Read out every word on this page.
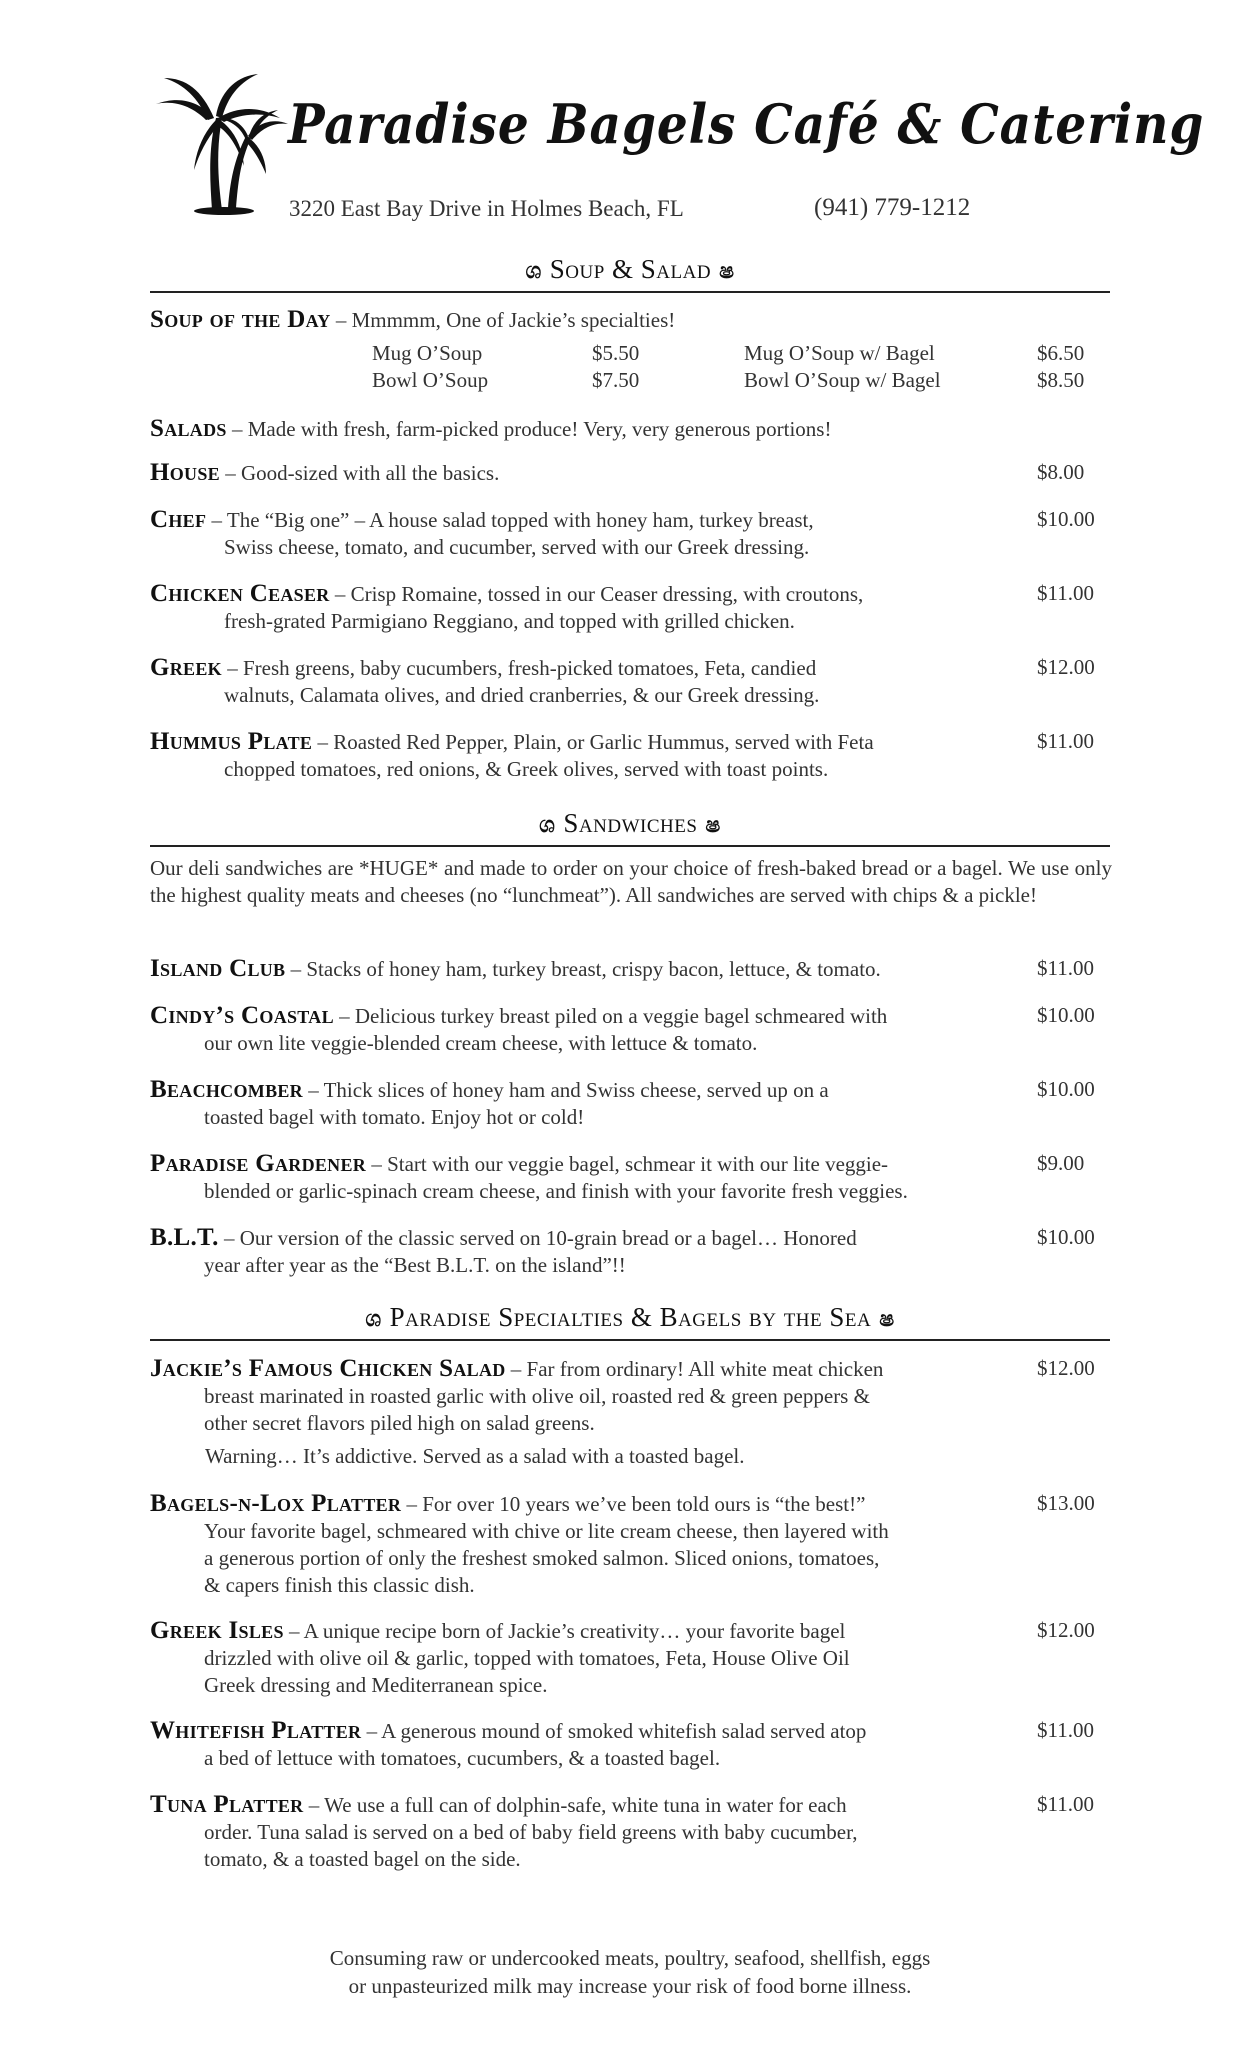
Paradise Bagels Café & Catering
3220 East Bay Drive in Holmes Beach, FL	(941) 779-1212
ශ Soup & Salad ෂ
Soup of the Day – Mmmmm, One of Jackie’s specialties!
Mug O’Soup	$5.50	Mug O’Soup w/ Bagel	$6.50
Bowl O’Soup	$7.50	Bowl O’Soup w/ Bagel	$8.50
Salads – Made with fresh, farm-picked produce! Very, very generous portions!
House – Good-sized with all the basics.	$8.00
Chef – The “Big one” – A house salad topped with honey ham, turkey breast,
Swiss cheese, tomato, and cucumber, served with our Greek dressing.
$10.00
Chicken Ceaser – Crisp Romaine, tossed in our Ceaser dressing, with croutons,
fresh-grated Parmigiano Reggiano, and topped with grilled chicken.
$11.00
Greek – Fresh greens, baby cucumbers, fresh-picked tomatoes, Feta, candied
walnuts, Calamata olives, and dried cranberries, & our Greek dressing.
$12.00
Hummus Plate – Roasted Red Pepper, Plain, or Garlic Hummus, served with Feta
chopped tomatoes, red onions, & Greek olives, served with toast points.
$11.00
ශ Sandwiches ෂ
Our deli sandwiches are *HUGE* and made to order on your choice of fresh-baked bread or a bagel. We use only the highest quality meats and cheeses (no “lunchmeat”). All sandwiches are served with chips & a pickle!
Island Club – Stacks of honey ham, turkey breast, crispy bacon, lettuce, & tomato.	$11.00
Cindy’s Coastal – Delicious turkey breast piled on a veggie bagel schmeared with
our own lite veggie-blended cream cheese, with lettuce & tomato.
$10.00
Beachcomber – Thick slices of honey ham and Swiss cheese, served up on a
toasted bagel with tomato. Enjoy hot or cold!
$10.00
Paradise Gardener – Start with our veggie bagel, schmear it with our lite veggie-
blended or garlic-spinach cream cheese, and finish with your favorite fresh veggies.
$9.00
B.L.T. – Our version of the classic served on 10-grain bread or a bagel… Honored
year after year as the “Best B.L.T. on the island”!!
$10.00
ශ Paradise Specialties & Bagels by the Sea ෂ
Jackie’s Famous Chicken Salad – Far from ordinary! All white meat chicken
breast marinated in roasted garlic with olive oil, roasted red & green peppers &
other secret flavors piled high on salad greens.
$12.00
Warning… It’s addictive. Served as a salad with a toasted bagel.
Bagels-n-Lox Platter – For over 10 years we’ve been told ours is “the best!”
Your favorite bagel, schmeared with chive or lite cream cheese, then layered with
a generous portion of only the freshest smoked salmon. Sliced onions, tomatoes,
& capers finish this classic dish.
$13.00
Greek Isles – A unique recipe born of Jackie’s creativity… your favorite bagel
drizzled with olive oil & garlic, topped with tomatoes, Feta, House Olive Oil
Greek dressing and Mediterranean spice.
$12.00
Whitefish Platter – A generous mound of smoked whitefish salad served atop
a bed of lettuce with tomatoes, cucumbers, & a toasted bagel.
$11.00
Tuna Platter – We use a full can of dolphin-safe, white tuna in water for each
order. Tuna salad is served on a bed of baby field greens with baby cucumber,
tomato, & a toasted bagel on the side.
$11.00
Consuming raw or undercooked meats, poultry, seafood, shellfish, eggs
or unpasteurized milk may increase your risk of food borne illness.
